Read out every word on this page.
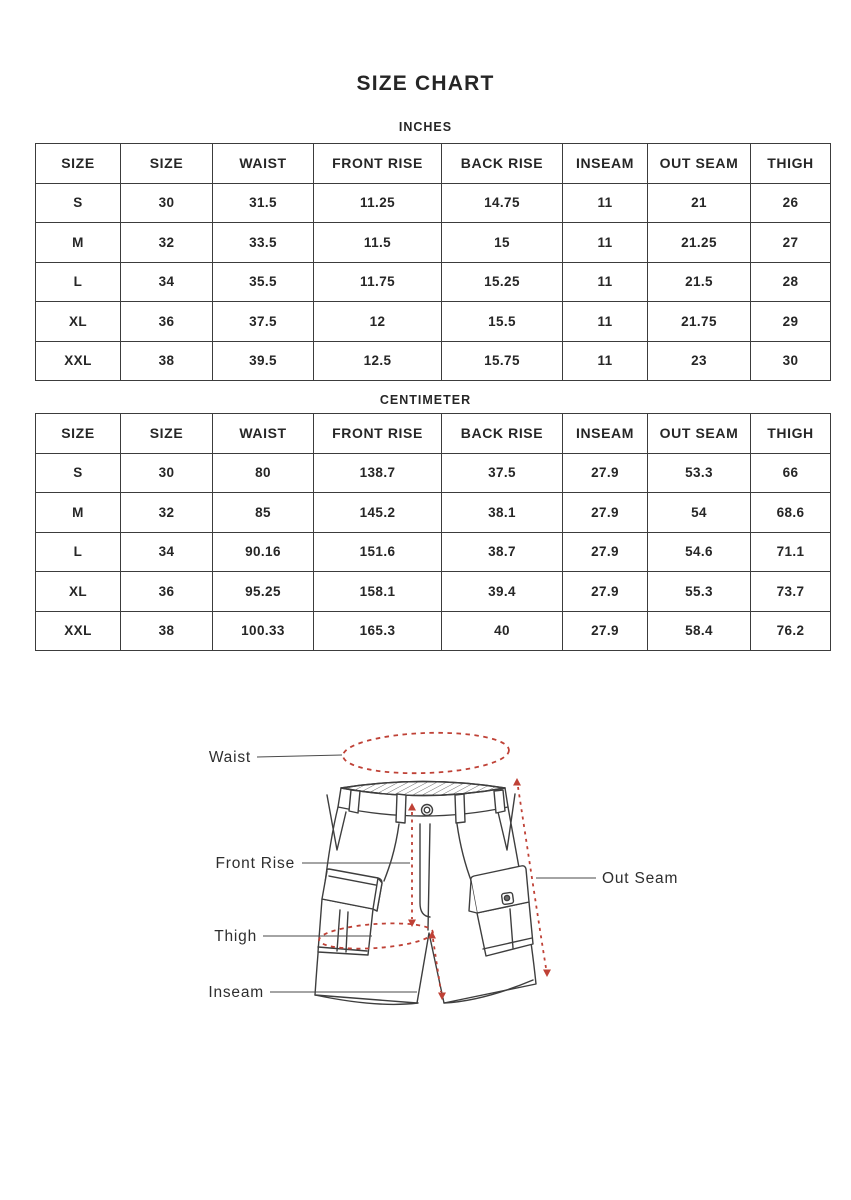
SIZE CHART
INCHES
SIZE	SIZE	WAIST	FRONT RISE	BACK RISE	INSEAM	OUT SEAM	THIGH
S	30	31.5	11.25	14.75	11	21	26
M	32	33.5	11.5	15	11	21.25	27
L	34	35.5	11.75	15.25	11	21.5	28
XL	36	37.5	12	15.5	11	21.75	29
XXL	38	39.5	12.5	15.75	11	23	30
CENTIMETER
SIZE	SIZE	WAIST	FRONT RISE	BACK RISE	INSEAM	OUT SEAM	THIGH
S	30	80	138.7	37.5	27.9	53.3	66
M	32	85	145.2	38.1	27.9	54	68.6
L	34	90.16	151.6	38.7	27.9	54.6	71.1
XL	36	95.25	158.1	39.4	27.9	55.3	73.7
XXL	38	100.33	165.3	40	27.9	58.4	76.2
Waist
Front Rise
Thigh
Inseam
Out Seam
